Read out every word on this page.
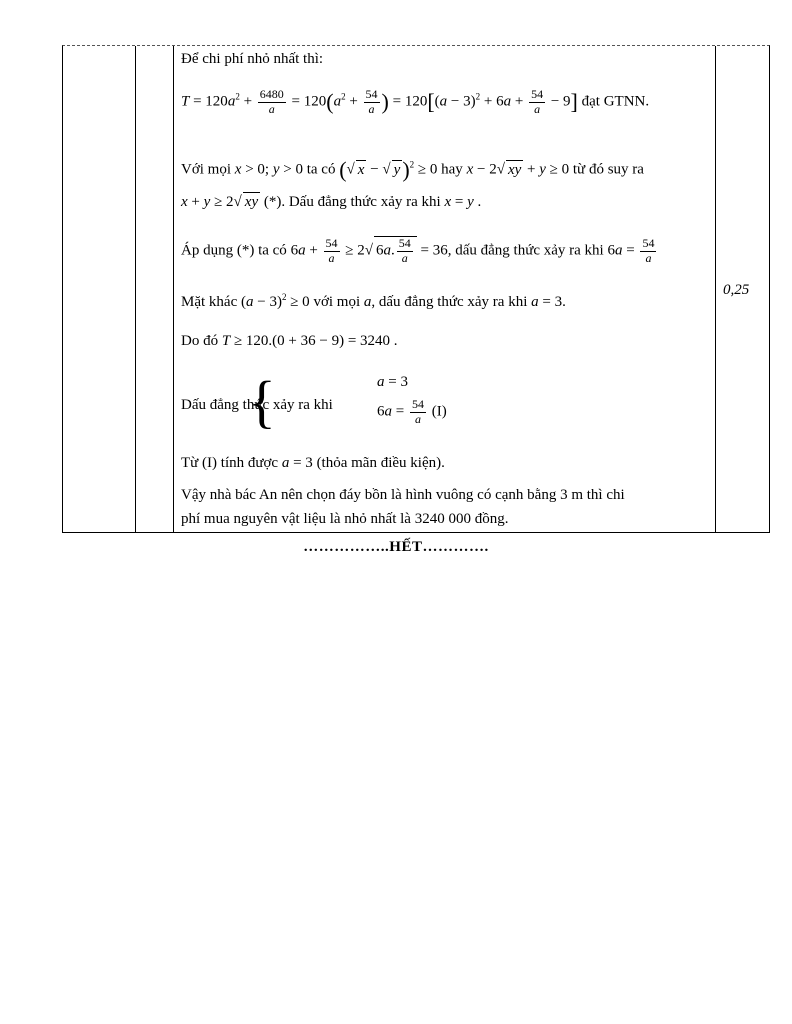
Để chi phí nhỏ nhất thì:
$T = 120a^2 + \frac{6480}{a} = 120(a^2 + \frac{54}{a}$ ) = $120[(a - 3)^2 + 6a + \frac{54}{a} - 9]$ đạt GTNN.
Với mọi x > 0; y > 0 ta có (√ x − √ y)$^2$ ≥ 0 hay x − 2√ xy + y ≥ 0 từ đó suy ra
x + y ≥ 2√ xy (*). Dấu đẳng thức xảy ra khi x = y .
Áp dụng (*) ta có $6a + \frac{54}{a} \ge 2√$ 6a. $\frac{54}{a} = 36$, dấu đẳng thức xảy ra khi $6a = \frac{54}{a}$
Mặt khác $(a - 3)^2 \ge 0$ với mọi a, dấu đẳng thức xảy ra khi a = 3.
Do đó T ≥ 120.(0 + 36 − 9) = 3240 .
Dấu đẳng thức xảy ra khi
a = 3
$6a = \frac{54}{a} (I)$
Từ (I) tính được a = 3 (thỏa mãn điều kiện).
Vậy nhà bác An nên chọn đáy bồn là hình vuông có cạnh bằng 3 m thì chi
phí mua nguyên vật liệu là nhỏ nhất là 3240 000 đồng.
{
0,25
……………..HẾT………….
